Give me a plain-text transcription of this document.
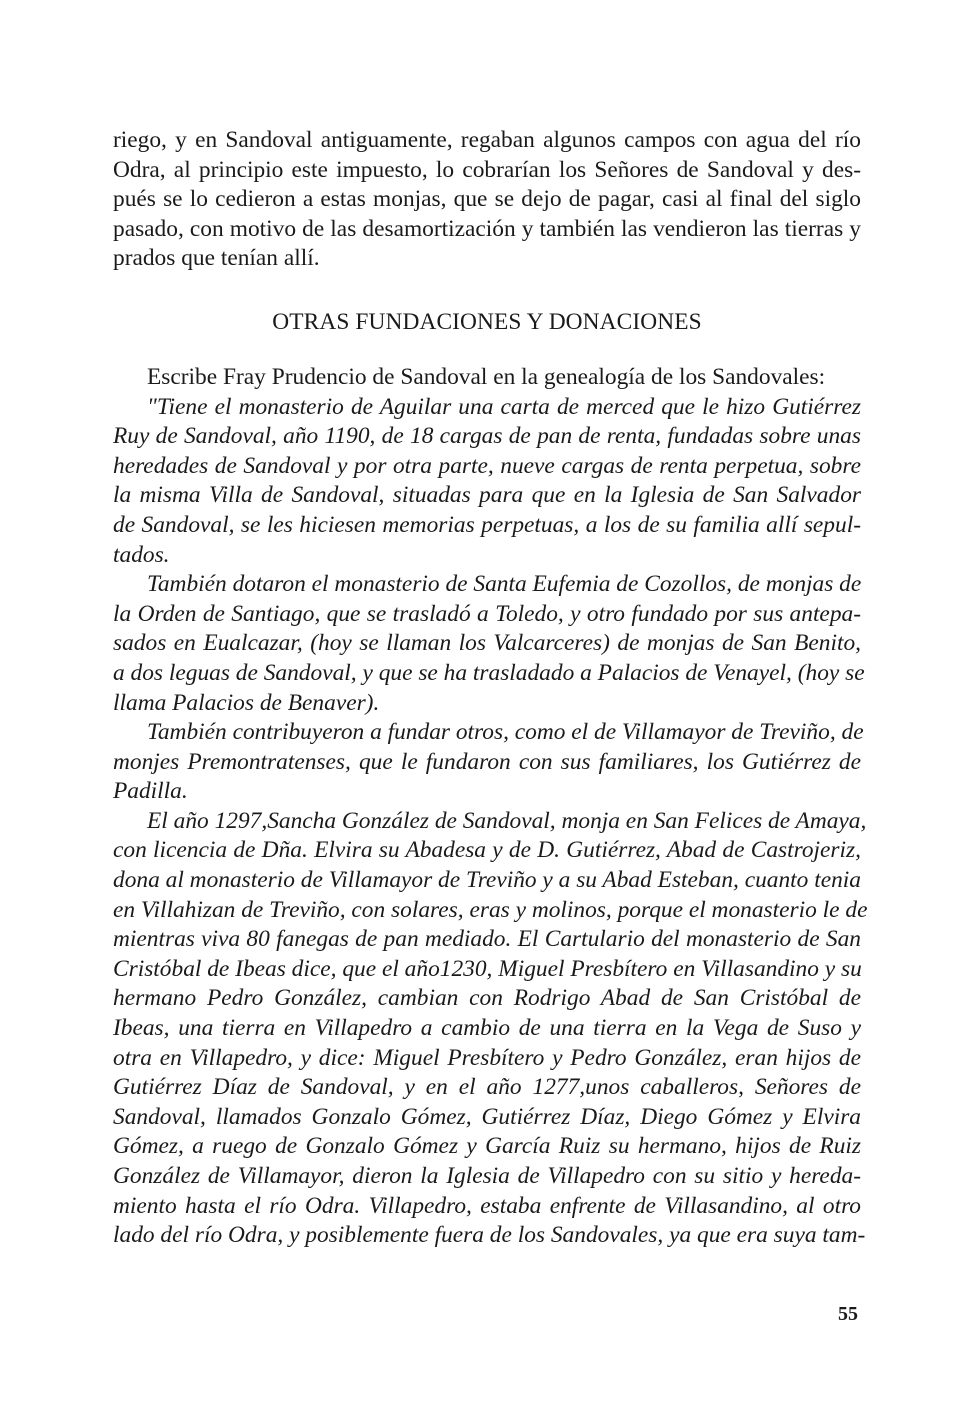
riego, y en Sandoval antiguamente, regaban algunos campos con agua del río
Odra, al principio este impuesto, lo cobrarían los Señores de Sandoval y des-
pués se lo cedieron a estas monjas, que se dejo de pagar, casi al final del siglo
pasado, con motivo de las desamortización y también las vendieron las tierras y
prados que tenían allí.
OTRAS FUNDACIONES Y DONACIONES
Escribe Fray Prudencio de Sandoval en la genealogía de los Sandovales:
"Tiene el monasterio de Aguilar una carta de merced que le hizo Gutiérrez
Ruy de Sandoval, año 1190, de 18 cargas de pan de renta, fundadas sobre unas
heredades de Sandoval y por otra parte, nueve cargas de renta perpetua, sobre
la misma Villa de Sandoval, situadas para que en la Iglesia de San Salvador
de Sandoval, se les hiciesen memorias perpetuas, a los de su familia allí sepul-
tados.
También dotaron el monasterio de Santa Eufemia de Cozollos, de monjas de
la Orden de Santiago, que se trasladó a Toledo, y otro fundado por sus antepa-
sados en Eualcazar, (hoy se llaman los Valcarceres) de monjas de San Benito,
a dos leguas de Sandoval, y que se ha trasladado a Palacios de Venayel, (hoy se
llama Palacios de Benaver).
También contribuyeron a fundar otros, como el de Villamayor de Treviño, de
monjes Premontratenses, que le fundaron con sus familiares, los Gutiérrez de
Padilla.
El año 1297,Sancha González de Sandoval, monja en San Felices de Amaya,
con licencia de Dña. Elvira su Abadesa y de D. Gutiérrez, Abad de Castrojeriz,
dona al monasterio de Villamayor de Treviño y a su Abad Esteban, cuanto tenia
en Villahizan de Treviño, con solares, eras y molinos, porque el monasterio le de
mientras viva 80 fanegas de pan mediado. El Cartulario del monasterio de San
Cristóbal de Ibeas dice, que el año1230, Miguel Presbítero en Villasandino y su
hermano Pedro González, cambian con Rodrigo Abad de San Cristóbal de
Ibeas, una tierra en Villapedro a cambio de una tierra en la Vega de Suso y
otra en Villapedro, y dice: Miguel Presbítero y Pedro González, eran hijos de
Gutiérrez Díaz de Sandoval, y en el año 1277,unos caballeros, Señores de
Sandoval, llamados Gonzalo Gómez, Gutiérrez Díaz, Diego Gómez y Elvira
Gómez, a ruego de Gonzalo Gómez y García Ruiz su hermano, hijos de Ruiz
González de Villamayor, dieron la Iglesia de Villapedro con su sitio y hereda-
miento hasta el río Odra. Villapedro, estaba enfrente de Villasandino, al otro
lado del río Odra, y posiblemente fuera de los Sandovales, ya que era suya tam-
55
